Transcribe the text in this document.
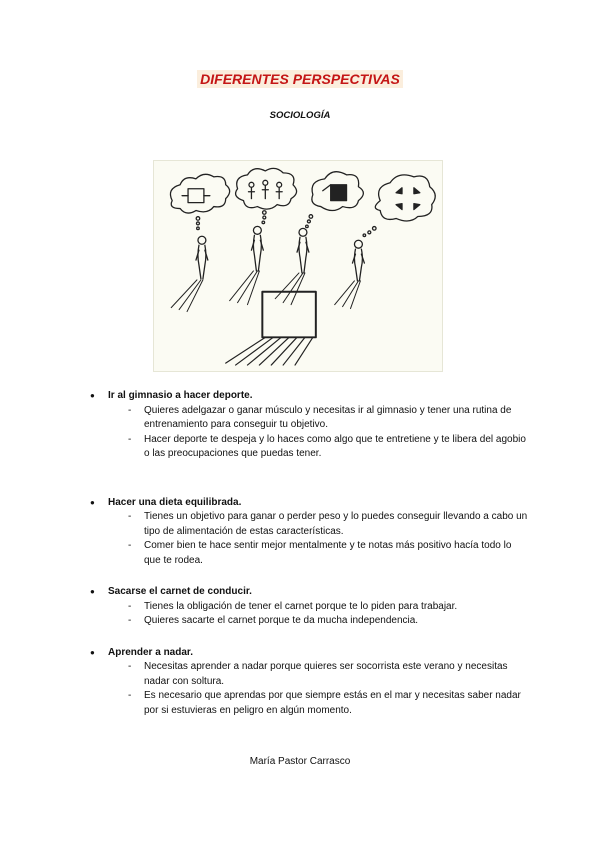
DIFERENTES PERSPECTIVAS
SOCIOLOGÍA
● Ir al gimnasio a hacer deporte.
- Quieres adelgazar o ganar músculo y necesitas ir al gimnasio y tener una rutina de entrenamiento para conseguir tu objetivo.
- Hacer deporte te despeja y lo haces como algo que te entretiene y te libera del agobio o las preocupaciones que puedas tener.
● Hacer una dieta equilibrada.
- Tienes un objetivo para ganar o perder peso y lo puedes conseguir llevando a cabo un tipo de alimentación de estas características.
- Comer bien te hace sentir mejor mentalmente y te notas más positivo hacía todo lo que te rodea.
● Sacarse el carnet de conducir.
- Tienes la obligación de tener el carnet porque te lo piden para trabajar.
- Quieres sacarte el carnet porque te da mucha independencia.
● Aprender a nadar.
- Necesitas aprender a nadar porque quieres ser socorrista este verano y necesitas nadar con soltura.
- Es necesario que aprendas por que siempre estás en el mar y necesitas saber nadar por si estuvieras en peligro en algún momento.
María Pastor Carrasco
